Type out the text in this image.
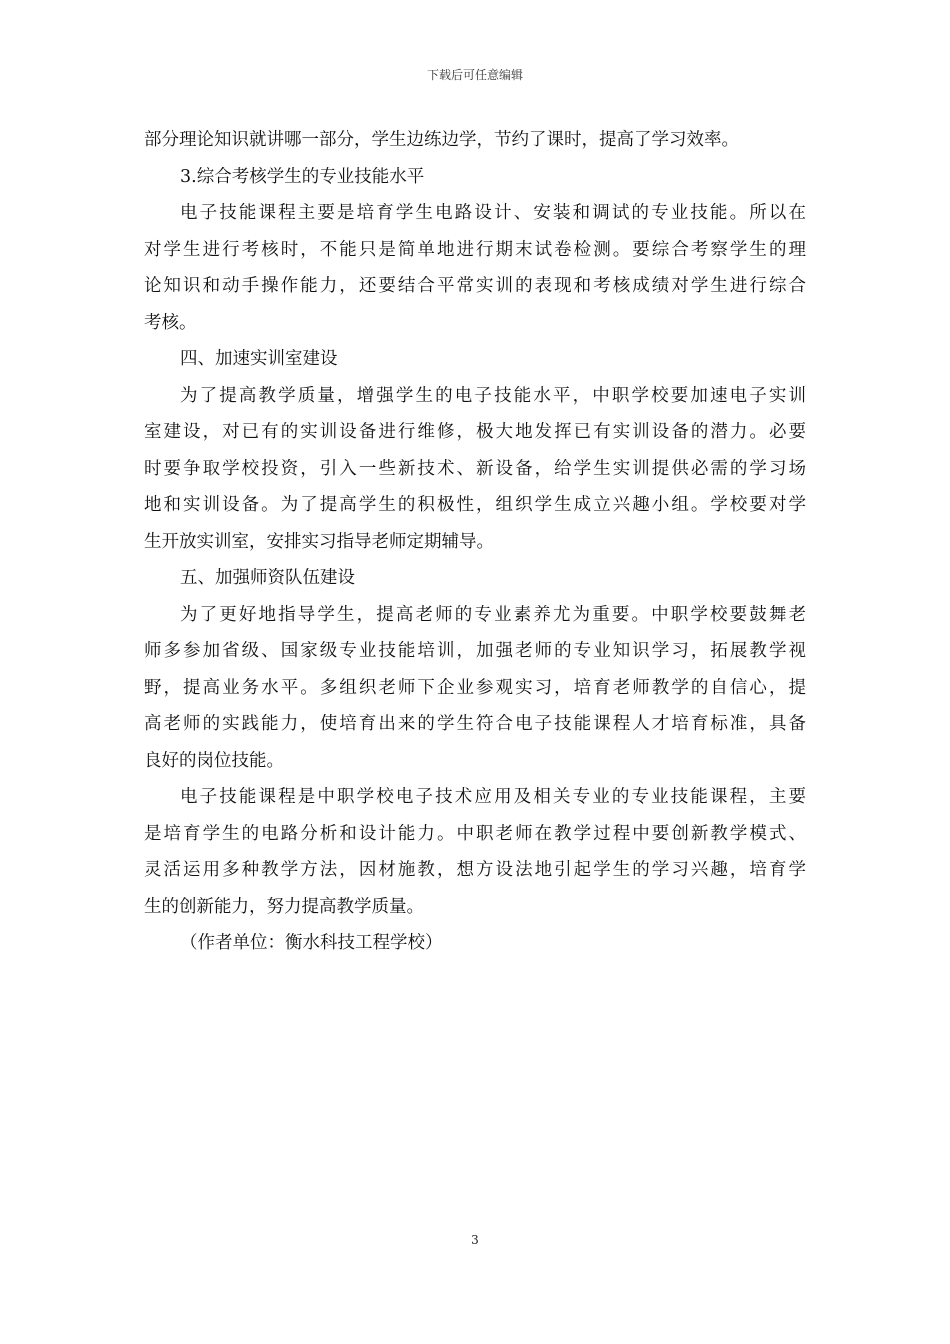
下载后可任意编辑
部分理论知识就讲哪一部分，学生边练边学，节约了课时，提高了学习效率。
3.综合考核学生的专业技能水平
电子技能课程主要是培育学生电路设计、安装和调试的专业技能。所以在
对学生进行考核时，不能只是简单地进行期末试卷检测。要综合考察学生的理
论知识和动手操作能力，还要结合平常实训的表现和考核成绩对学生进行综合
考核。
四、加速实训室建设
为了提高教学质量，增强学生的电子技能水平，中职学校要加速电子实训
室建设，对已有的实训设备进行维修，极大地发挥已有实训设备的潜力。必要
时要争取学校投资，引入一些新技术、新设备，给学生实训提供必需的学习场
地和实训设备。为了提高学生的积极性，组织学生成立兴趣小组。学校要对学
生开放实训室，安排实习指导老师定期辅导。
五、加强师资队伍建设
为了更好地指导学生，提高老师的专业素养尤为重要。中职学校要鼓舞老
师多参加省级、国家级专业技能培训，加强老师的专业知识学习，拓展教学视
野，提高业务水平。多组织老师下企业参观实习，培育老师教学的自信心，提
高老师的实践能力，使培育出来的学生符合电子技能课程人才培育标准，具备
良好的岗位技能。
电子技能课程是中职学校电子技术应用及相关专业的专业技能课程，主要
是培育学生的电路分析和设计能力。中职老师在教学过程中要创新教学模式、
灵活运用多种教学方法，因材施教，想方设法地引起学生的学习兴趣，培育学
生的创新能力，努力提高教学质量。
（作者单位：衡水科技工程学校）
3
